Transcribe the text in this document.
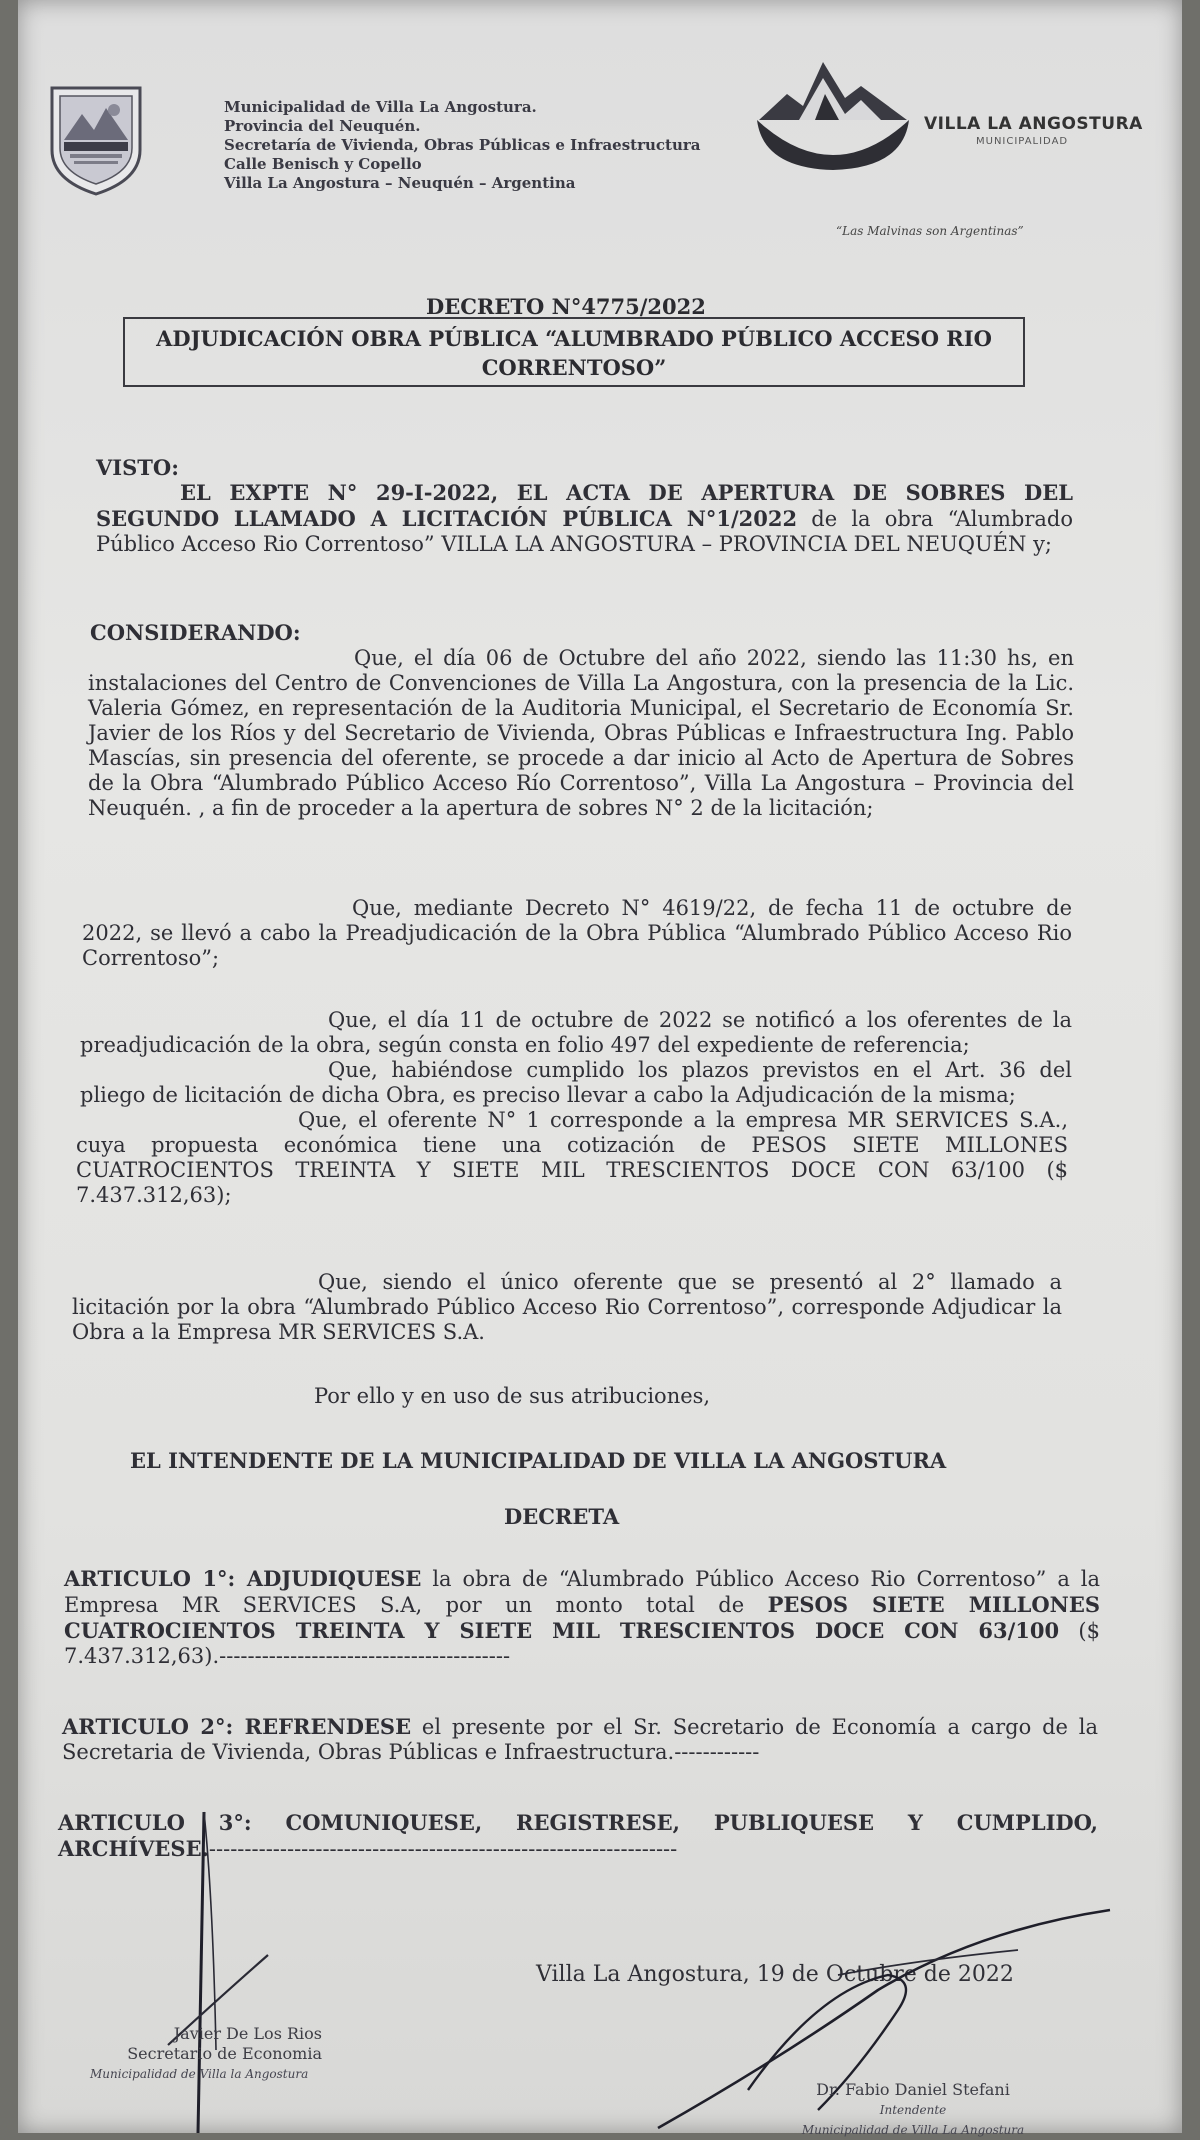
Municipalidad de Villa La Angostura.
Provincia del Neuquén.
Secretaría de Vivienda, Obras Públicas e Infraestructura
Calle Benisch y Copello
Villa La Angostura – Neuquén – Argentina
VILLA LA ANGOSTURA
MUNICIPALIDAD
“Las Malvinas son Argentinas”
DECRETO N°4775/2022
ADJUDICACIÓN OBRA PÚBLICA “ALUMBRADO PÚBLICO ACCESO RIO
CORRENTOSO”
VISTO:
EL EXPTE N° 29-I-2022, EL ACTA DE APERTURA DE SOBRES DEL SEGUNDO LLAMADO A LICITACIÓN PÚBLICA N°1/2022 de la obra “Alumbrado Público Acceso Rio Correntoso” VILLA LA ANGOSTURA – PROVINCIA DEL NEUQUÉN y;
CONSIDERANDO:
Que, el día 06 de Octubre del año 2022, siendo las 11:30 hs, en instalaciones del Centro de Convenciones de Villa La Angostura, con la presencia de la Lic. Valeria Gómez, en representación de la Auditoria Municipal, el Secretario de Economía Sr. Javier de los Ríos y del Secretario de Vivienda, Obras Públicas e Infraestructura Ing. Pablo Mascías, sin presencia del oferente, se procede a dar inicio al Acto de Apertura de Sobres de la Obra “Alumbrado Público Acceso Río Correntoso”, Villa La Angostura – Provincia del Neuquén. , a fin de proceder a la apertura de sobres N° 2 de la licitación;
Que, mediante Decreto N° 4619/22, de fecha 11 de octubre de 2022, se llevó a cabo la Preadjudicación de la Obra Pública “Alumbrado Público Acceso Rio Correntoso”;
Que, el día 11 de octubre de 2022 se notificó a los oferentes de la preadjudicación de la obra, según consta en folio 497 del expediente de referencia;
Que, habiéndose cumplido los plazos previstos en el Art. 36 del pliego de licitación de dicha Obra, es preciso llevar a cabo la Adjudicación de la misma;
Que, el oferente N° 1 corresponde a la empresa MR SERVICES S.A., cuya propuesta económica tiene una cotización de PESOS SIETE MILLONES CUATROCIENTOS TREINTA Y SIETE MIL TRESCIENTOS DOCE CON 63/100 ($ 7.437.312,63);
Que, siendo el único oferente que se presentó al 2° llamado a licitación por la obra “Alumbrado Público Acceso Rio Correntoso”, corresponde Adjudicar la Obra a la Empresa MR SERVICES S.A.
Por ello y en uso de sus atribuciones,
EL INTENDENTE DE LA MUNICIPALIDAD DE VILLA LA ANGOSTURA
DECRETA
ARTICULO 1°: ADJUDIQUESE la obra de “Alumbrado Público Acceso Rio Correntoso” a la Empresa MR SERVICES S.A, por un monto total de PESOS SIETE MILLONES CUATROCIENTOS TREINTA Y SIETE MIL TRESCIENTOS DOCE CON 63/100 ($ 7.437.312,63).-----------------------------------------
ARTICULO 2°: REFRENDESE el presente por el Sr. Secretario de Economía a cargo de la Secretaria de Vivienda, Obras Públicas e Infraestructura.------------
ARTICULO 3°: COMUNIQUESE, REGISTRESE, PUBLIQUESE Y CUMPLIDO, ARCHÍVESE.------------------------------------------------------------------
Villa La Angostura, 19 de Octubre de 2022
Javier De Los Rios
Secretario de Economia
Municipalidad de Villa la Angostura
Dr. Fabio Daniel Stefani
Intendente
Municipalidad de Villa La Angostura
